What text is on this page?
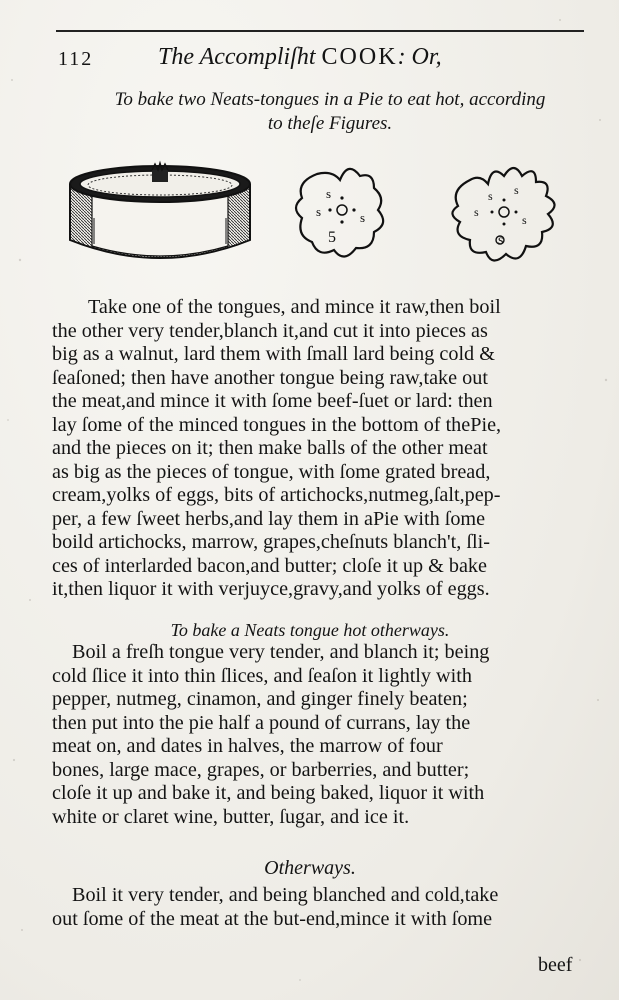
112	The Accompliſht COOK: Or,
To bake two Neats-tongues in a Pie to eat hot, according
to theſe Figures.
s
s	s
5
s s
s
s
s
Take one of the tongues, and mince it raw,then boil
the other very tender,blanch it,and cut it into pieces as
big as a walnut, lard them with ſmall lard being cold &
ſeaſoned; then have another tongue being raw,take out
the meat,and mince it with ſome beef-ſuet or lard: then
lay ſome of the minced tongues in the bottom of thePie,
and the pieces on it; then make balls of the other meat
as big as the pieces of tongue, with ſome grated bread,
cream,yolks of eggs, bits of artichocks,nutmeg,ſalt,pep-
per, a few ſweet herbs,and lay them in aPie with ſome
boild artichocks, marrow, grapes,cheſnuts blanch't, ſli-
ces of interlarded bacon,and butter; cloſe it up & bake
it,then liquor it with verjuyce,gravy,and yolks of eggs.
To bake a Neats tongue hot otherways.
Boil a freſh tongue very tender, and blanch it; being
cold ſlice it into thin ſlices, and ſeaſon it lightly with
pepper, nutmeg, cinamon, and ginger finely beaten;
then put into the pie half a pound of currans, lay the
meat on, and dates in halves, the marrow of four
bones, large mace, grapes, or barberries, and butter;
cloſe it up and bake it, and being baked, liquor it with
white or claret wine, butter, ſugar, and ice it.
Otherways.
Boil it very tender, and being blanched and cold,take
out ſome of the meat at the but-end,mince it with ſome
beef
